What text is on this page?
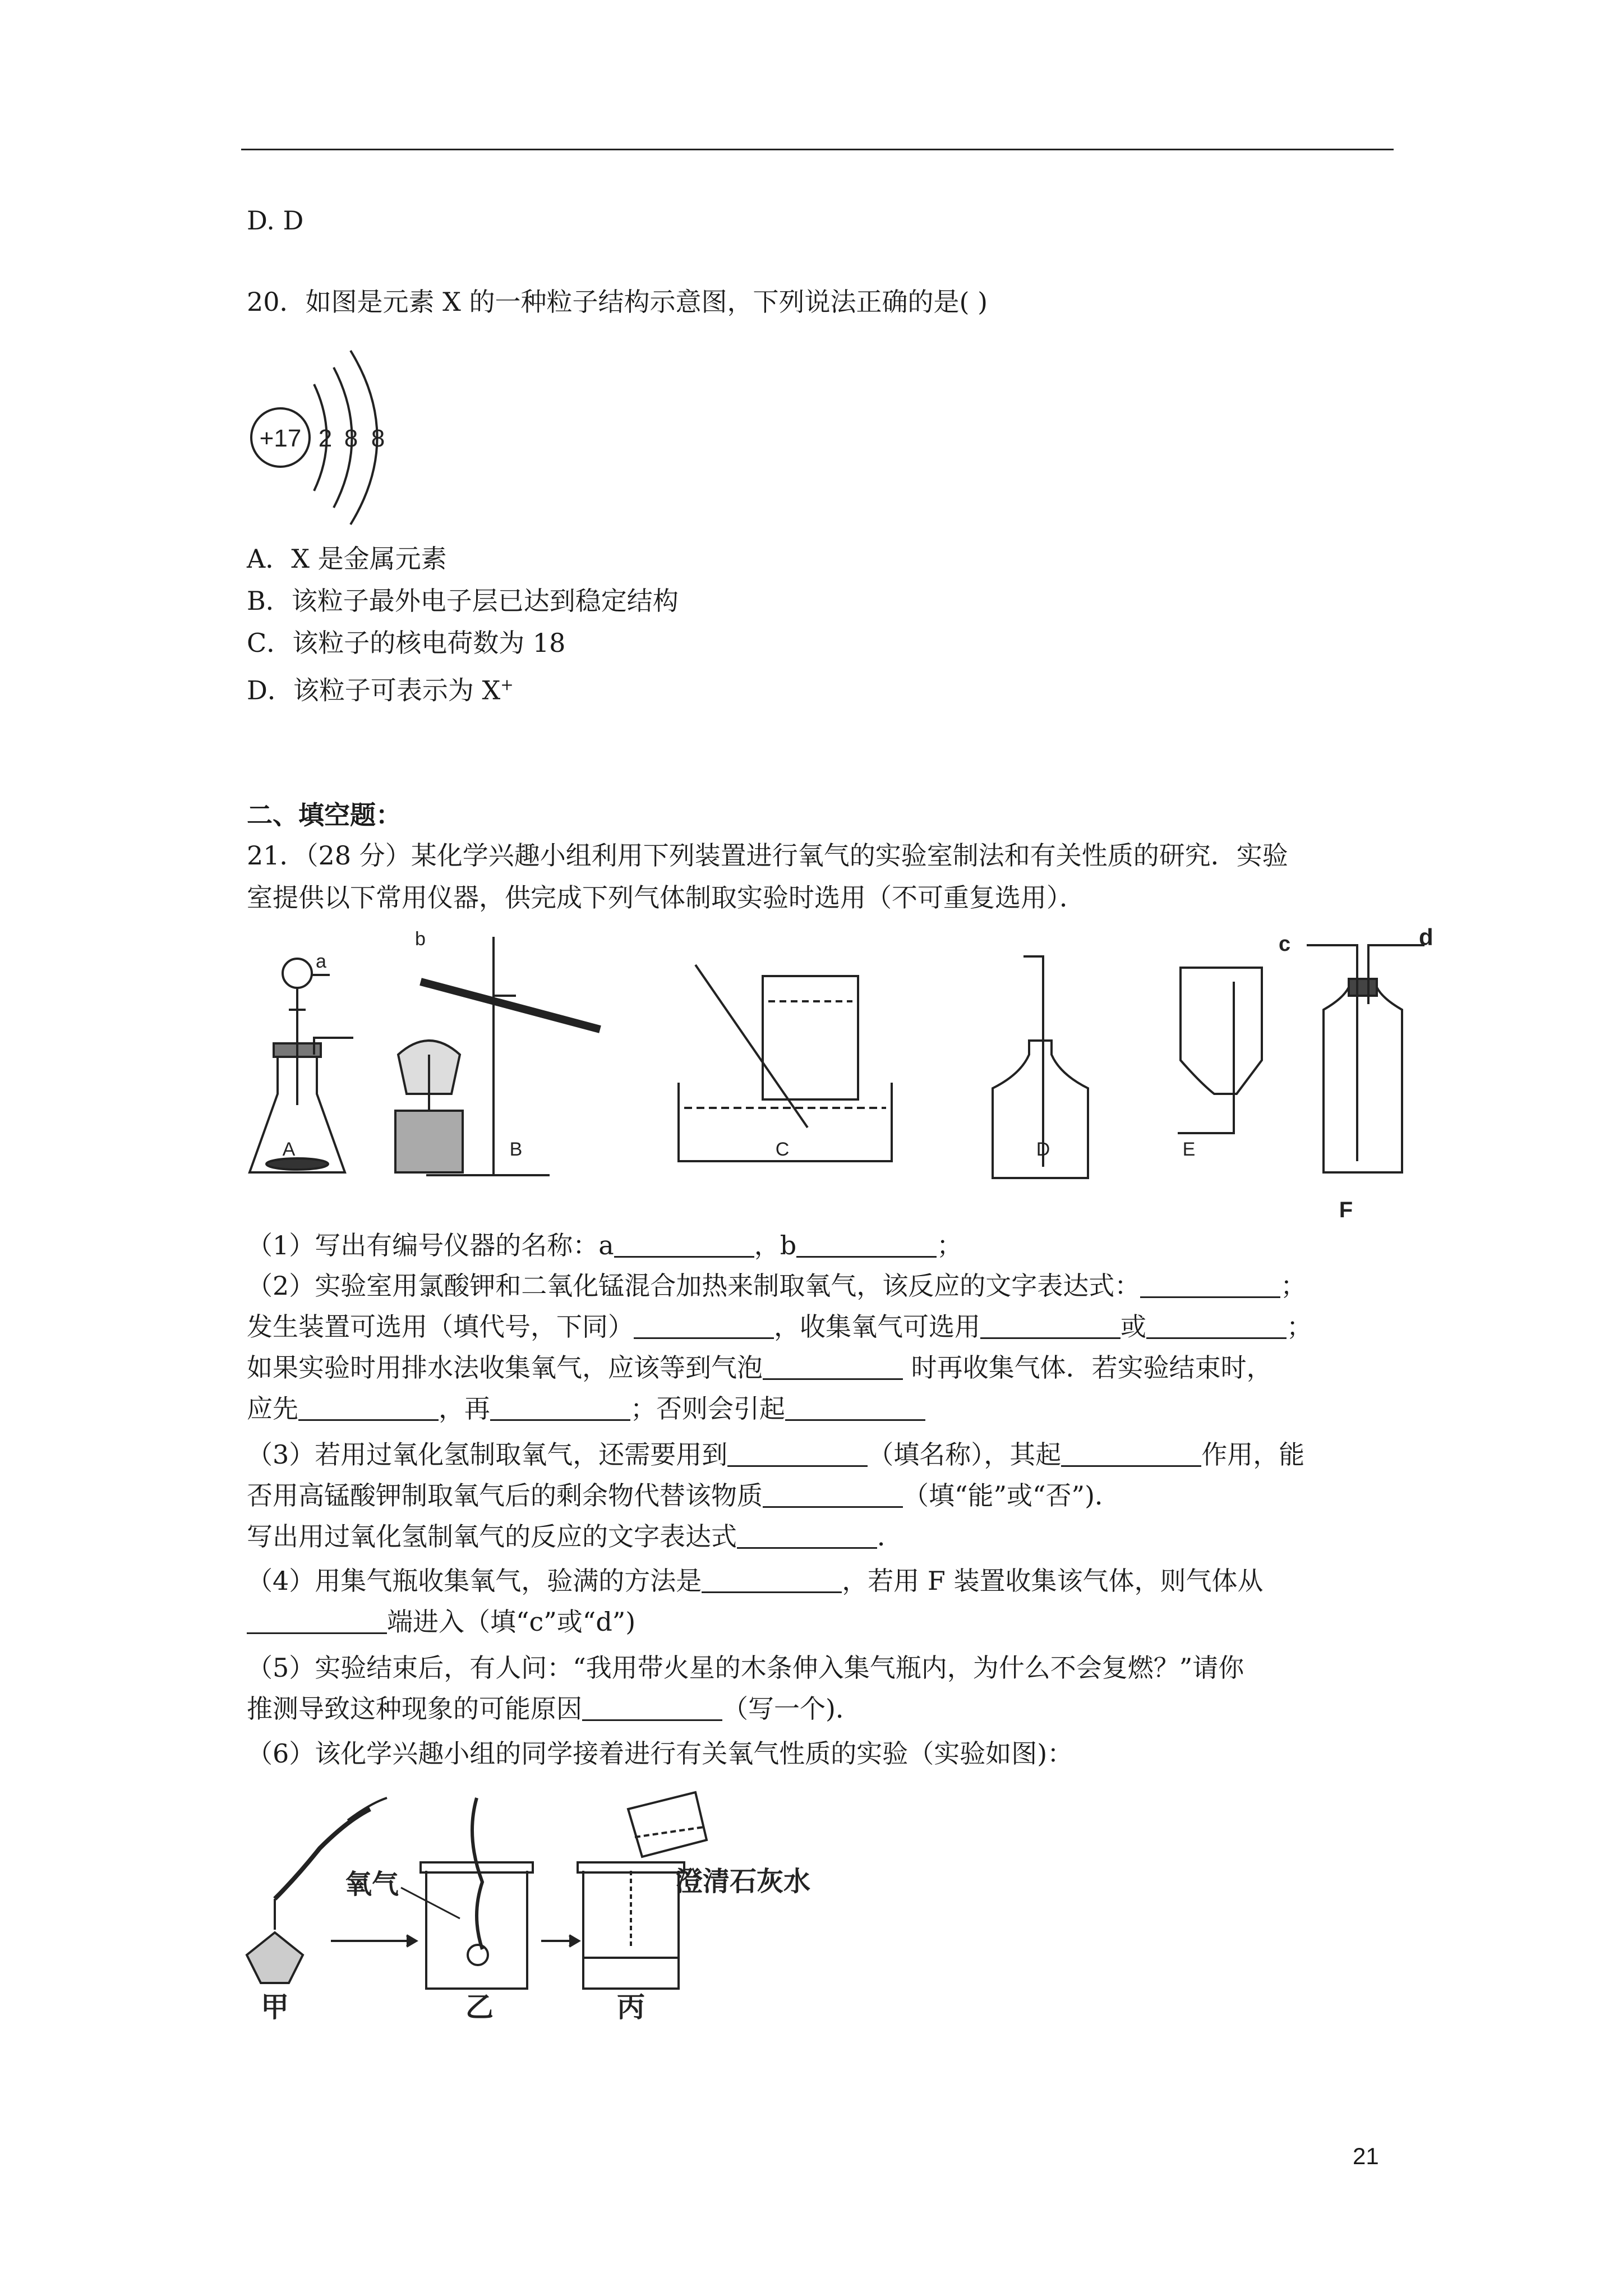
D. D
20．如图是元素 X 的一种粒子结构示意图，下列说法正确的是( )
+17 2 8 8
A．X 是金属元素
B．该粒子最外电子层已达到稳定结构
C．该粒子的核电荷数为 18
D．该粒子可表示为 X+
二、填空题：
21．（28 分）某化学兴趣小组利用下列装置进行氧气的实验室制法和有关性质的研究．实验
室提供以下常用仪器，供完成下列气体制取实验时选用（不可重复选用）．
a
b	c	d
A	B	C	D	E
F
（1）写出有编号仪器的名称：a	，b	；
（2）实验室用氯酸钾和二氧化锰混合加热来制取氧气，该反应的文字表达式：	；
发生装置可选用（填代号，下同）	，收集氧气可选用	或	；
如果实验时用排水法收集氧气，应该等到气泡	时再收集气体．若实验结束时，
应先	，再	；否则会引起
（3）若用过氧化氢制取氧气，还需要用到	（填名称），其起	作用，能
否用高锰酸钾制取氧气后的剩余物代替该物质	（填“能”或“否”)．
写出用过氧化氢制氧气的反应的文字表达式	．
（4）用集气瓶收集氧气，验满的方法是	，若用 F 装置收集该气体，则气体从
端进入（填“c”或“d”)
（5）实验结束后，有人问：“我用带火星的木条伸入集气瓶内，为什么不会复燃？”请你
推测导致这种现象的可能原因	（写一个)．
（6）该化学兴趣小组的同学接着进行有关氧气性质的实验（实验如图)：
氧气	澄清石灰水
甲	乙	丙
21
